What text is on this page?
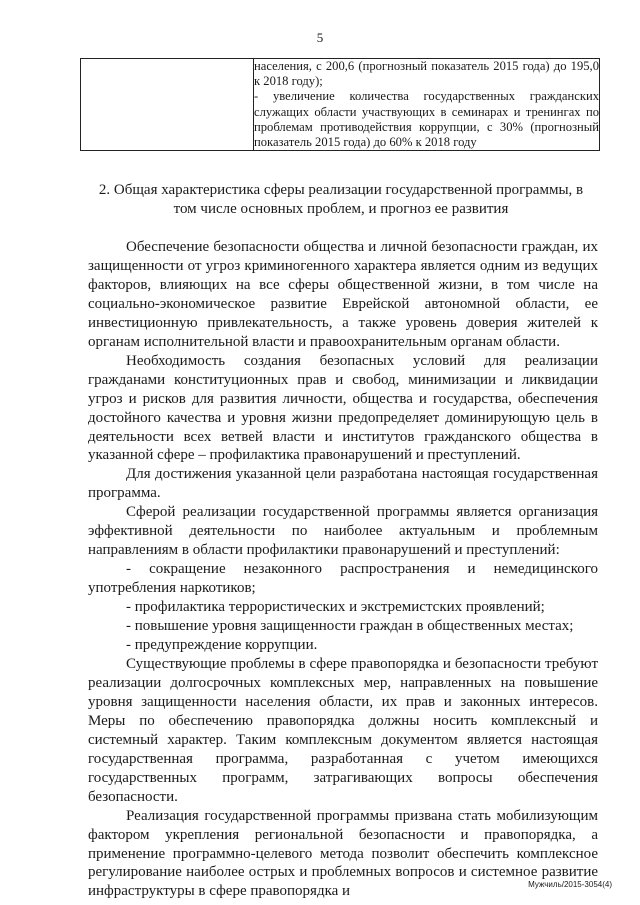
5

населения, с 200,6 (прогнозный показатель 2015 года) до 195,0 к 2018 году);
- увеличение количества государственных гражданских служащих области участвующих в семинарах и тренингах по проблемам противодействия коррупции, с 30% (прогнозный показатель 2015 года) до 60% к 2018 году
2. Общая характеристика сферы реализации государственной программы, в том числе основных проблем, и прогноз ее развития

Обеспечение безопасности общества и личной безопасности граждан, их защищенности от угроз криминогенного характера является одним из ведущих факторов, влияющих на все сферы общественной жизни, в том числе на социально-экономическое развитие Еврейской автономной области, ее инвестиционную привлекательность, а также уровень доверия жителей к органам исполнительной власти и правоохранительным органам области.

Необходимость создания безопасных условий для реализации гражданами конституционных прав и свобод, минимизации и ликвидации угроз и рисков для развития личности, общества и государства, обеспечения достойного качества и уровня жизни предопределяет доминирующую цель в деятельности всех ветвей власти и институтов гражданского общества в указанной сфере – профилактика правонарушений и преступлений.

Для достижения указанной цели разработана настоящая государственная программа.

Сферой реализации государственной программы является организация эффективной деятельности по наиболее актуальным и проблемным направлениям в области профилактики правонарушений и преступлений:

- сокращение незаконного распространения и немедицинского употребления наркотиков;

- профилактика террористических и экстремистских проявлений;

- повышение уровня защищенности граждан в общественных местах;

- предупреждение коррупции.

Существующие проблемы в сфере правопорядка и безопасности требуют реализации долгосрочных комплексных мер, направленных на повышение уровня защищенности населения области, их прав и законных интересов. Меры по обеспечению правопорядка должны носить комплексный и системный характер. Таким комплексным документом является настоящая государственная программа, разработанная с учетом имеющихся государственных программ, затрагивающих вопросы обеспечения безопасности.

Реализация государственной программы призвана стать мобилизующим фактором укрепления региональной безопасности и правопорядка, а применение программно-целевого метода позволит обеспечить комплексное регулирование наиболее острых и проблемных вопросов и системное развитие инфраструктуры в сфере правопорядка и	Мужчиль/2015-3054(4)
